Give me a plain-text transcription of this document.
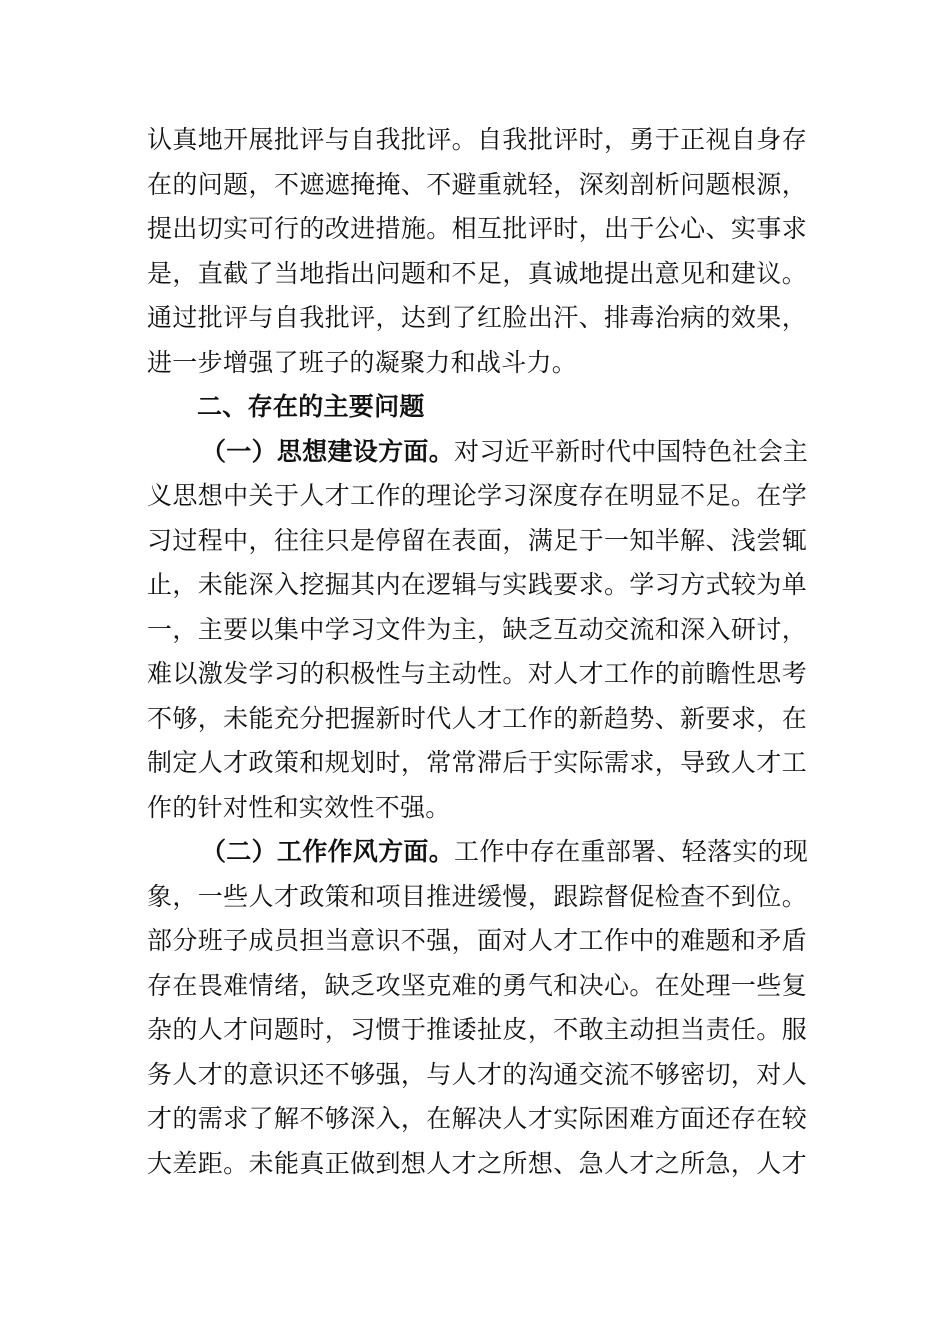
认真地开展批评与自我批评。自我批评时，勇于正视自身存
在的问题，不遮遮掩掩、不避重就轻，深刻剖析问题根源，
提出切实可行的改进措施。相互批评时，出于公心、实事求
是，直截了当地指出问题和不足，真诚地提出意见和建议。
通过批评与自我批评，达到了红脸出汗、排毒治病的效果，
进一步增强了班子的凝聚力和战斗力。
二、存在的主要问题
（一）思想建设方面。对习近平新时代中国特色社会主
义思想中关于人才工作的理论学习深度存在明显不足。在学
习过程中，往往只是停留在表面，满足于一知半解、浅尝辄
止，未能深入挖掘其内在逻辑与实践要求。学习方式较为单
一，主要以集中学习文件为主，缺乏互动交流和深入研讨，
难以激发学习的积极性与主动性。对人才工作的前瞻性思考
不够，未能充分把握新时代人才工作的新趋势、新要求，在
制定人才政策和规划时，常常滞后于实际需求，导致人才工
作的针对性和实效性不强。
（二）工作作风方面。工作中存在重部署、轻落实的现
象，一些人才政策和项目推进缓慢，跟踪督促检查不到位。
部分班子成员担当意识不强，面对人才工作中的难题和矛盾
存在畏难情绪，缺乏攻坚克难的勇气和决心。在处理一些复
杂的人才问题时，习惯于推诿扯皮，不敢主动担当责任。服
务人才的意识还不够强，与人才的沟通交流不够密切，对人
才的需求了解不够深入，在解决人才实际困难方面还存在较
大差距。未能真正做到想人才之所想、急人才之所急，人才
